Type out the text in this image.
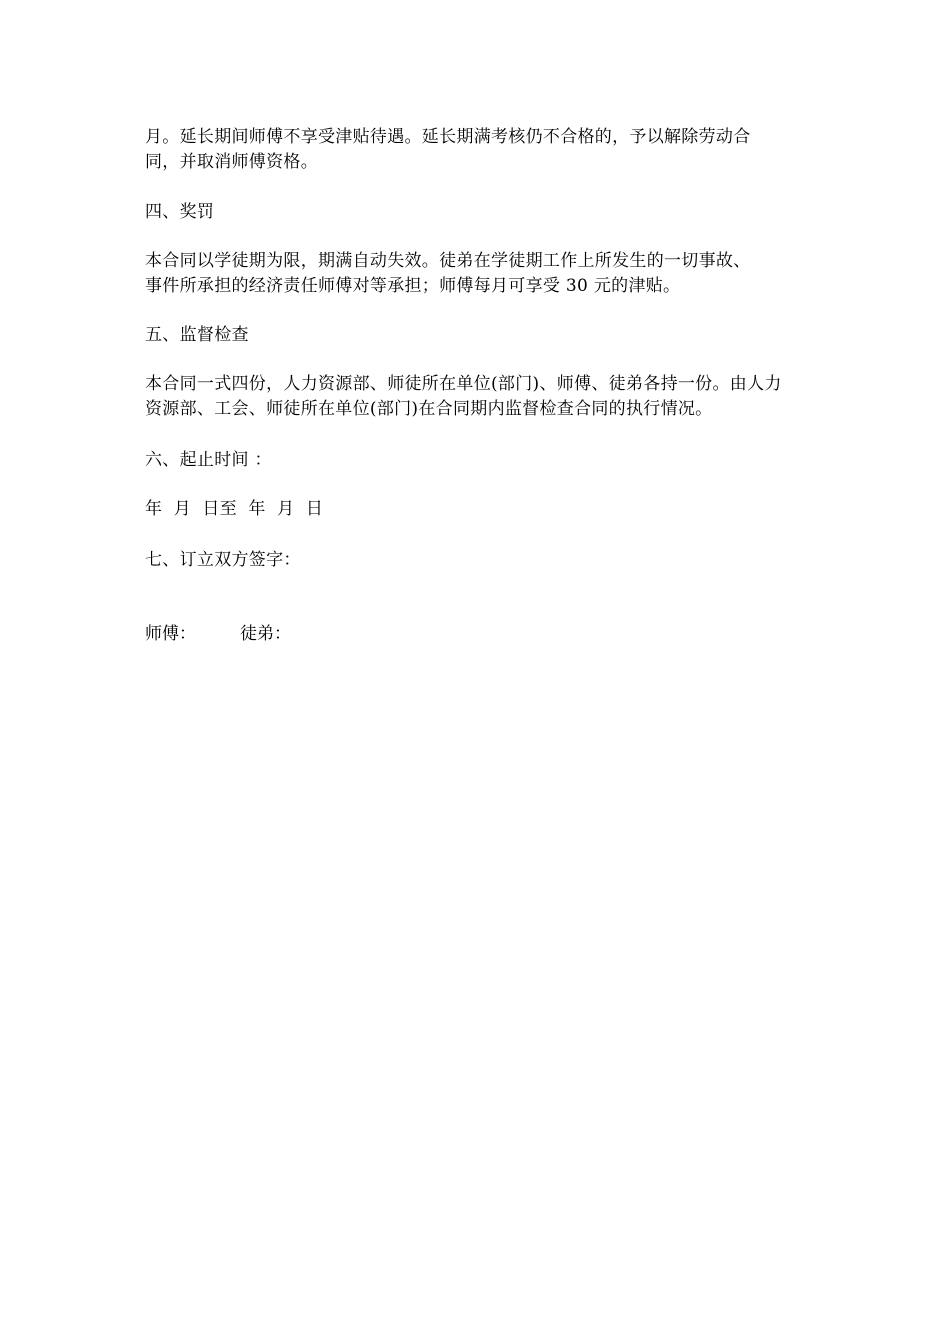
月。延长期间师傅不享受津贴待遇。延长期满考核仍不合格的，予以解除劳动合

同，并取消师傅资格。

四、奖罚

本合同以学徒期为限，期满自动失效。徒弟在学徒期工作上所发生的一切事故、

事件所承担的经济责任师傅对等承担；师傅每月可享受 30 元的津贴。

五、监督检查

本合同一式四份，人力资源部、师徒所在单位(部门)、师傅、徒弟各持一份。由人力

资源部、工会、师徒所在单位(部门)在合同期内监督检查合同的执行情况。

六、起止时间 ：
年  月  日至  年  月  日
七、订立双方签字：
师傅：	徒弟：
